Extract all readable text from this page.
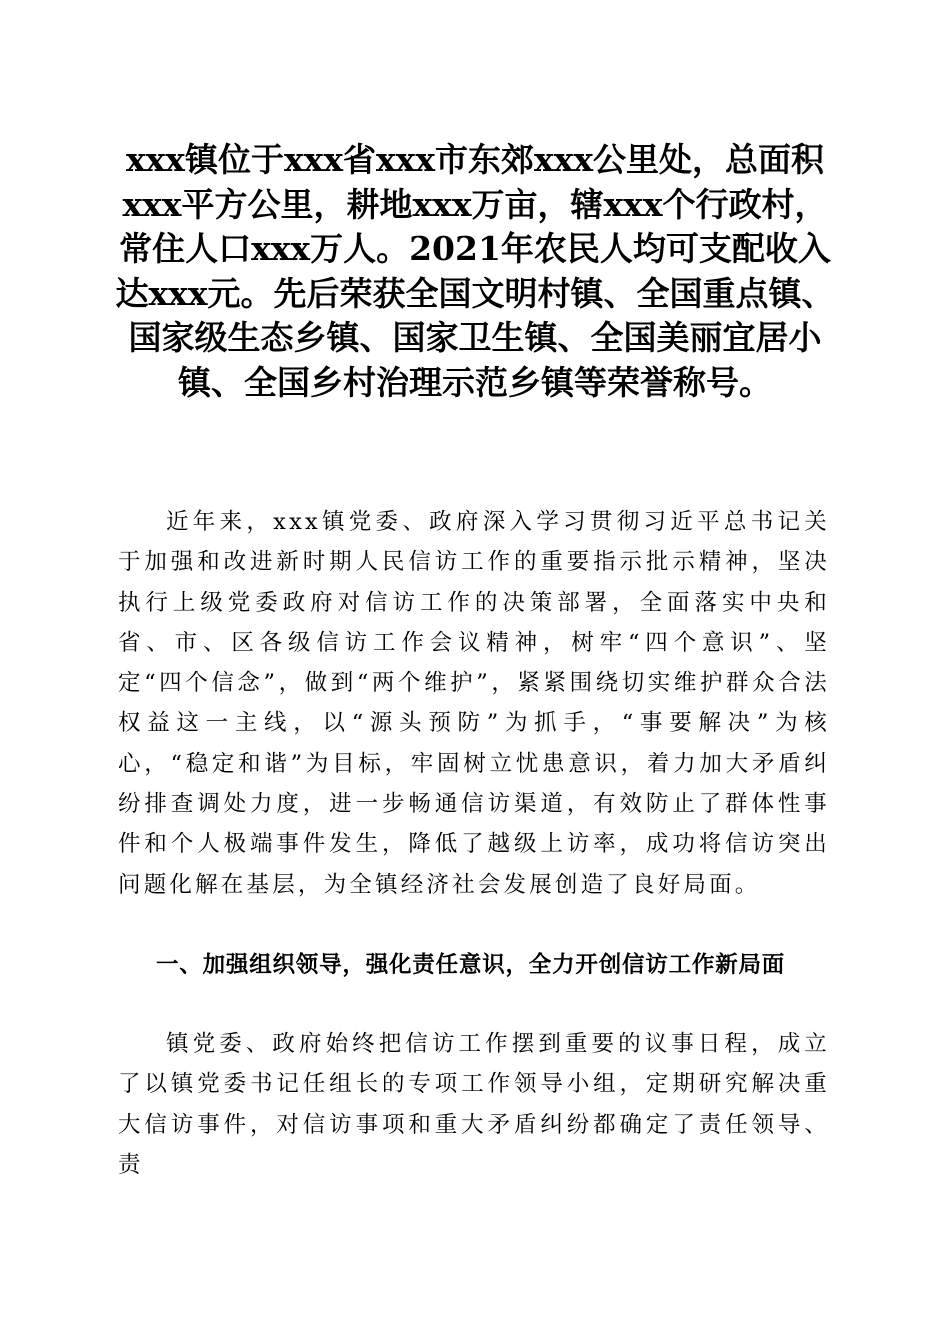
xxx镇位于xxx省xxx市东郊xxx公里处，总面积xxx平方公里，耕地xxx万亩，辖xxx个行政村，常住人口xxx万人。2021年农民人均可支配收入达xxx元。先后荣获全国文明村镇、全国重点镇、国家级生态乡镇、国家卫生镇、全国美丽宜居小镇、全国乡村治理示范乡镇等荣誉称号。

近年来，xxx镇党委、政府深入学习贯彻习近平总书记关于加强和改进新时期人民信访工作的重要指示批示精神，坚决执行上级党委政府对信访工作的决策部署，全面落实中央和省、市、区各级信访工作会议精神，树牢“四个意识”、坚定“四个信念”，做到“两个维护”，紧紧围绕切实维护群众合法权益这一主线，以“源头预防”为抓手，“事要解决”为核心，“稳定和谐”为目标，牢固树立忧患意识，着力加大矛盾纠纷排查调处力度，进一步畅通信访渠道，有效防止了群体性事件和个人极端事件发生，降低了越级上访率，成功将信访突出问题化解在基层，为全镇经济社会发展创造了良好局面。

一、加强组织领导，强化责任意识，全力开创信访工作新局面

镇党委、政府始终把信访工作摆到重要的议事日程，成立了以镇党委书记任组长的专项工作领导小组，定期研究解决重大信访事件，对信访事项和重大矛盾纠纷都确定了责任领导、责
